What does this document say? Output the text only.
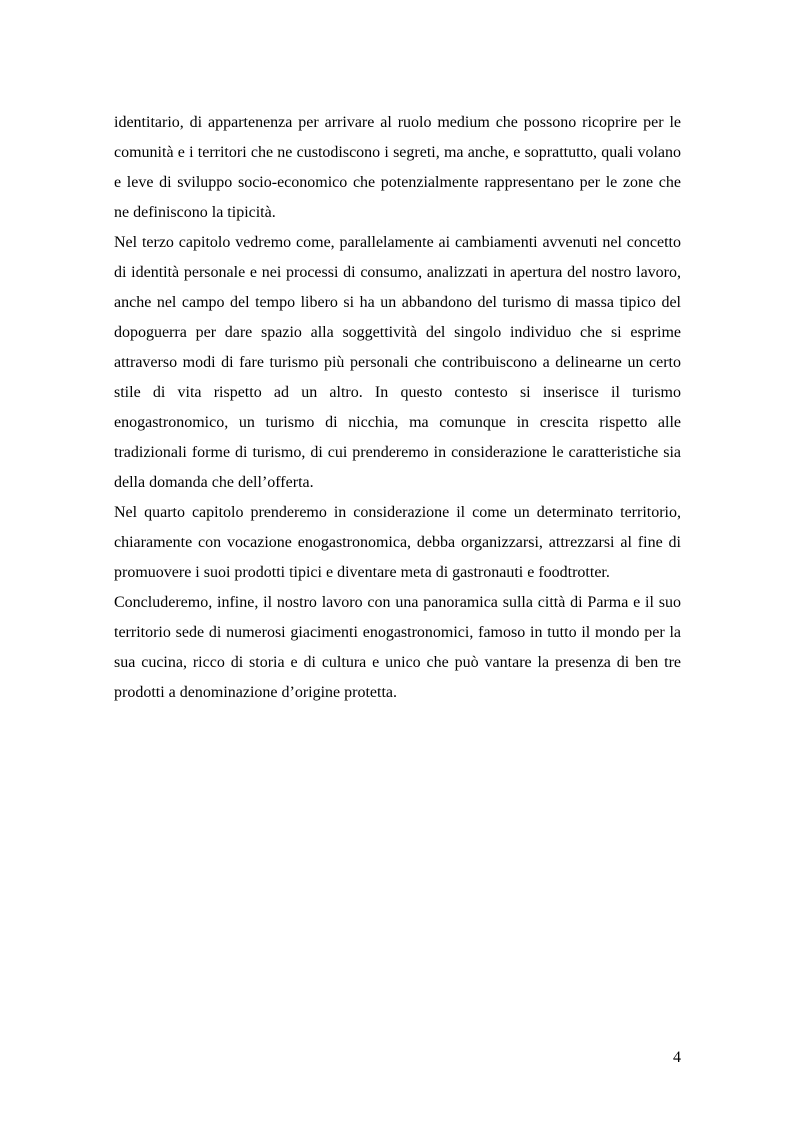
identitario, di appartenenza per arrivare al ruolo medium che possono ricoprire per le comunità e i territori che ne custodiscono i segreti, ma anche, e soprattutto, quali volano e leve di sviluppo socio-economico che potenzialmente rappresentano per le zone che ne definiscono la tipicità.

Nel terzo capitolo vedremo come, parallelamente ai cambiamenti avvenuti nel concetto di identità personale e nei processi di consumo, analizzati in apertura del nostro lavoro, anche nel campo del tempo libero si ha un abbandono del turismo di massa tipico del dopoguerra per dare spazio alla soggettività del singolo individuo che si esprime attraverso modi di fare turismo più personali che contribuiscono a delinearne un certo stile di vita rispetto ad un altro. In questo contesto si inserisce il turismo enogastronomico, un turismo di nicchia, ma comunque in crescita rispetto alle tradizionali forme di turismo, di cui prenderemo in considerazione le caratteristiche sia della domanda che dell’offerta.

Nel quarto capitolo prenderemo in considerazione il come un determinato territorio, chiaramente con vocazione enogastronomica, debba organizzarsi, attrezzarsi al fine di promuovere i suoi prodotti tipici e diventare meta di gastronauti e foodtrotter.

Concluderemo, infine, il nostro lavoro con una panoramica sulla città di Parma e il suo territorio sede di numerosi giacimenti enogastronomici, famoso in tutto il mondo per la sua cucina, ricco di storia e di cultura e unico che può vantare la presenza di ben tre prodotti a denominazione d’origine protetta.

4
